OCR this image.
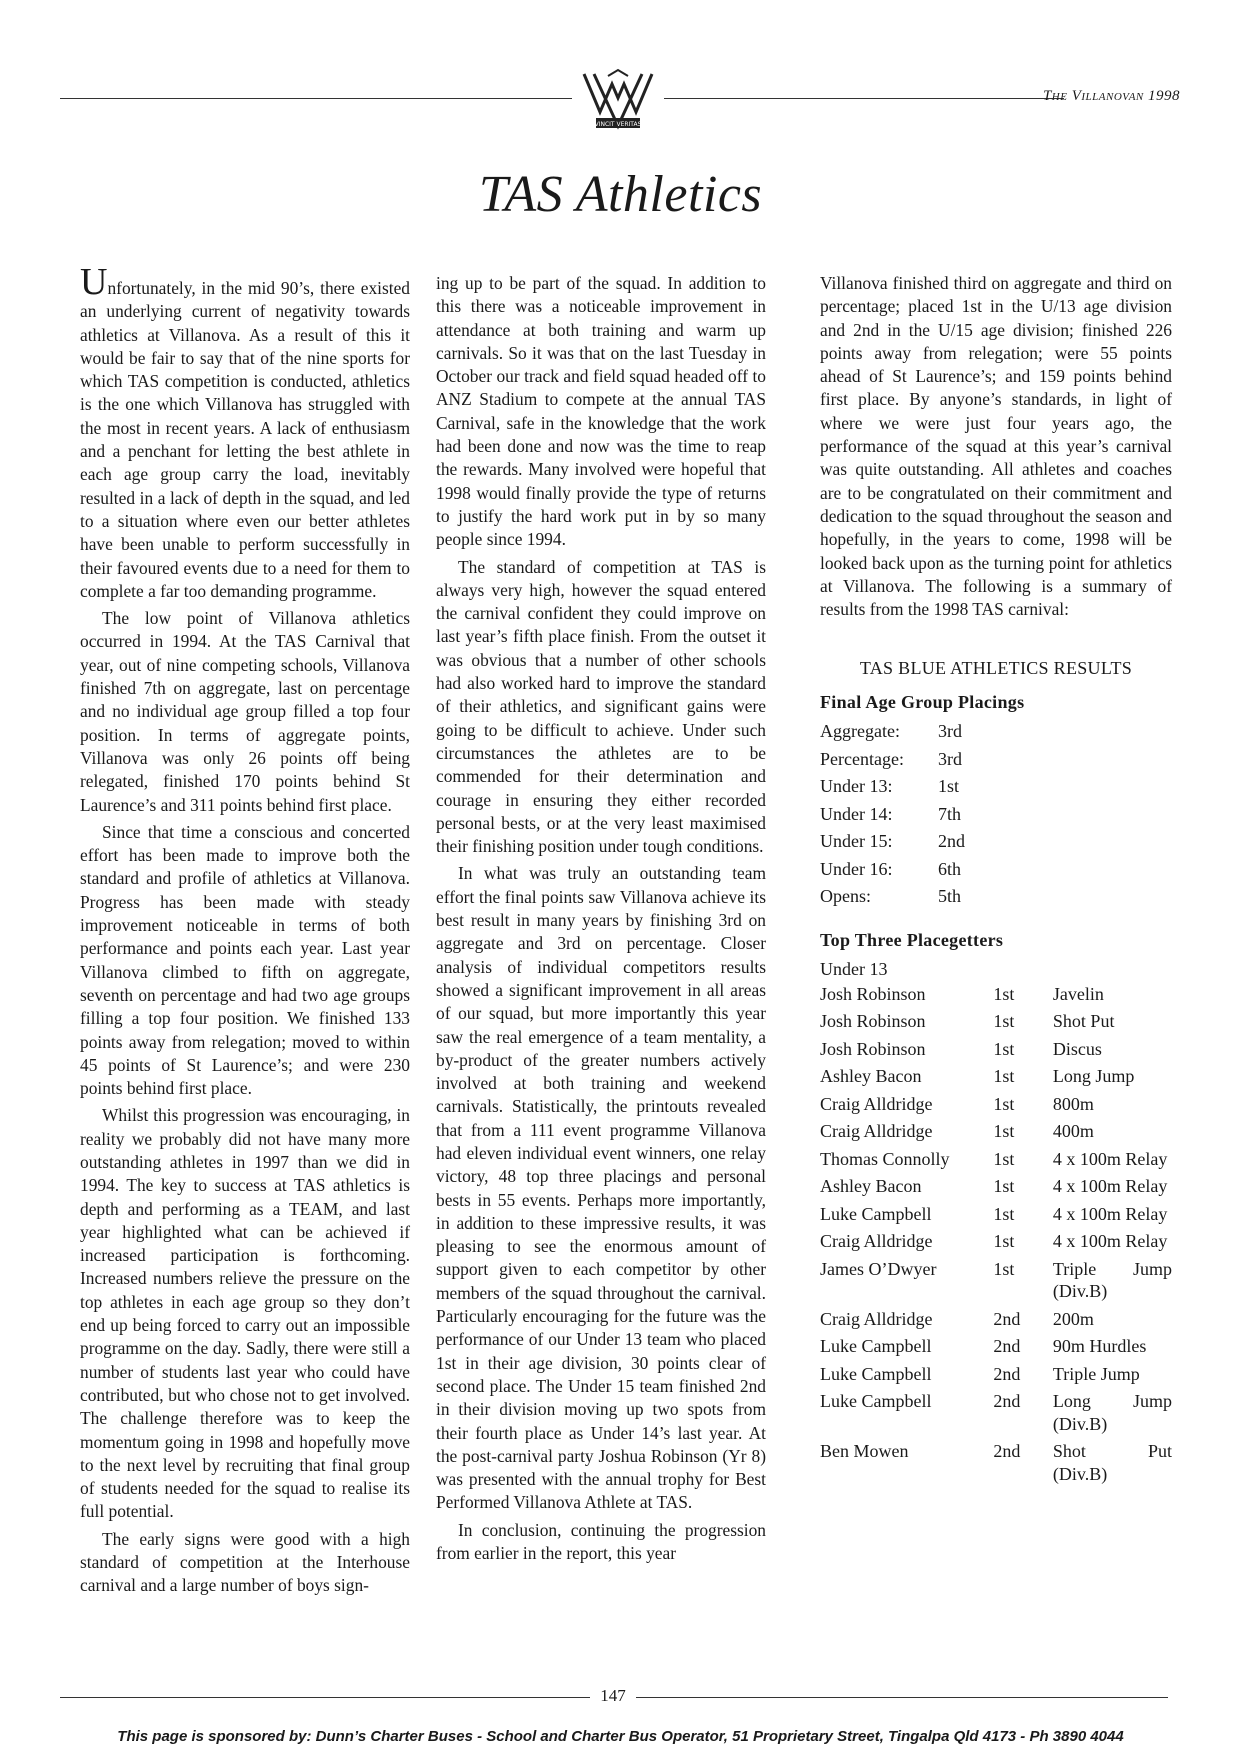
VINCIT VERITAS
The Villanovan 1998
TAS Athletics

Unfortunately, in the mid 90’s, there existed an underlying current of negativity towards athletics at Villanova. As a result of this it would be fair to say that of the nine sports for which TAS competition is conducted, athletics is the one which Villanova has struggled with the most in recent years. A lack of enthusiasm and a penchant for letting the best athlete in each age group carry the load, inevitably resulted in a lack of depth in the squad, and led to a situation where even our better athletes have been unable to perform successfully in their favoured events due to a need for them to complete a far too demanding programme.

The low point of Villanova athletics occurred in 1994. At the TAS Carnival that year, out of nine competing schools, Villanova finished 7th on aggregate, last on percentage and no individual age group filled a top four position. In terms of aggregate points, Villanova was only 26 points off being relegated, finished 170 points behind St Laurence’s and 311 points behind first place.

Since that time a conscious and concerted effort has been made to improve both the standard and profile of athletics at Villanova. Progress has been made with steady improvement noticeable in terms of both performance and points each year. Last year Villanova climbed to fifth on aggregate, seventh on percentage and had two age groups filling a top four position. We finished 133 points away from relegation; moved to within 45 points of St Laurence’s; and were 230 points behind first place.

Whilst this progression was encouraging, in reality we probably did not have many more outstanding athletes in 1997 than we did in 1994. The key to success at TAS athletics is depth and performing as a TEAM, and last year highlighted what can be achieved if increased participation is forthcoming. Increased numbers relieve the pressure on the top athletes in each age group so they don’t end up being forced to carry out an impossible programme on the day. Sadly, there were still a number of students last year who could have contributed, but who chose not to get involved. The challenge therefore was to keep the momentum going in 1998 and hopefully move to the next level by recruiting that final group of students needed for the squad to realise its full potential.

The early signs were good with a high standard of competition at the Interhouse carnival and a large number of boys sign-

ing up to be part of the squad. In addition to this there was a noticeable improvement in attendance at both training and warm up carnivals. So it was that on the last Tuesday in October our track and field squad headed off to ANZ Stadium to compete at the annual TAS Carnival, safe in the knowledge that the work had been done and now was the time to reap the rewards. Many involved were hopeful that 1998 would finally provide the type of returns to justify the hard work put in by so many people since 1994.

The standard of competition at TAS is always very high, however the squad entered the carnival confident they could improve on last year’s fifth place finish. From the outset it was obvious that a number of other schools had also worked hard to improve the standard of their athletics, and significant gains were going to be difficult to achieve. Under such circumstances the athletes are to be commended for their determination and courage in ensuring they either recorded personal bests, or at the very least maximised their finishing position under tough conditions.

In what was truly an outstanding team effort the final points saw Villanova achieve its best result in many years by finishing 3rd on aggregate and 3rd on percentage. Closer analysis of individual competitors results showed a significant improvement in all areas of our squad, but more importantly this year saw the real emergence of a team mentality, a by-product of the greater numbers actively involved at both training and weekend carnivals. Statistically, the printouts revealed that from a 111 event programme Villanova had eleven individual event winners, one relay victory, 48 top three placings and personal bests in 55 events. Perhaps more importantly, in addition to these impressive results, it was pleasing to see the enormous amount of support given to each competitor by other members of the squad throughout the carnival. Particularly encouraging for the future was the performance of our Under 13 team who placed 1st in their age division, 30 points clear of second place. The Under 15 team finished 2nd in their division moving up two spots from their fourth place as Under 14’s last year. At the post-carnival party Joshua Robinson (Yr 8) was presented with the annual trophy for Best Performed Villanova Athlete at TAS.

In conclusion, continuing the progression from earlier in the report, this year

Villanova finished third on aggregate and third on percentage; placed 1st in the U/13 age division and 2nd in the U/15 age division; finished 226 points away from relegation; were 55 points ahead of St Laurence’s; and 159 points behind first place. By anyone’s standards, in light of where we were just four years ago, the performance of the squad at this year’s carnival was quite outstanding. All athletes and coaches are to be congratulated on their commitment and dedication to the squad throughout the season and hopefully, in the years to come, 1998 will be looked back upon as the turning point for athletics at Villanova. The following is a summary of results from the 1998 TAS carnival:

TAS BLUE ATHLETICS RESULTS
Final Age Group Placings
Aggregate:	3rd
Percentage:	3rd
Under 13:	1st
Under 14:	7th
Under 15:	2nd
Under 16:	6th
Opens:	5th
Top Three Placegetters
Under 13
Josh Robinson	1st	Javelin
Josh Robinson	1st	Shot Put
Josh Robinson	1st	Discus
Ashley Bacon	1st	Long Jump
Craig Alldridge	1st	800m
Craig Alldridge	1st	400m
Thomas Connolly	1st	4 x 100m Relay
Ashley Bacon	1st	4 x 100m Relay
Luke Campbell	1st	4 x 100m Relay
Craig Alldridge	1st	4 x 100m Relay
James O’Dwyer	1st	Triple Jump (Div.B)
Craig Alldridge	2nd	200m
Luke Campbell	2nd	90m Hurdles
Luke Campbell	2nd	Triple Jump
Luke Campbell	2nd	Long Jump (Div.B)
Ben Mowen	2nd	Shot Put (Div.B)
147
This page is sponsored by: Dunn’s Charter Buses - School and Charter Bus Operator, 51 Proprietary Street, Tingalpa Qld 4173 - Ph 3890 4044
